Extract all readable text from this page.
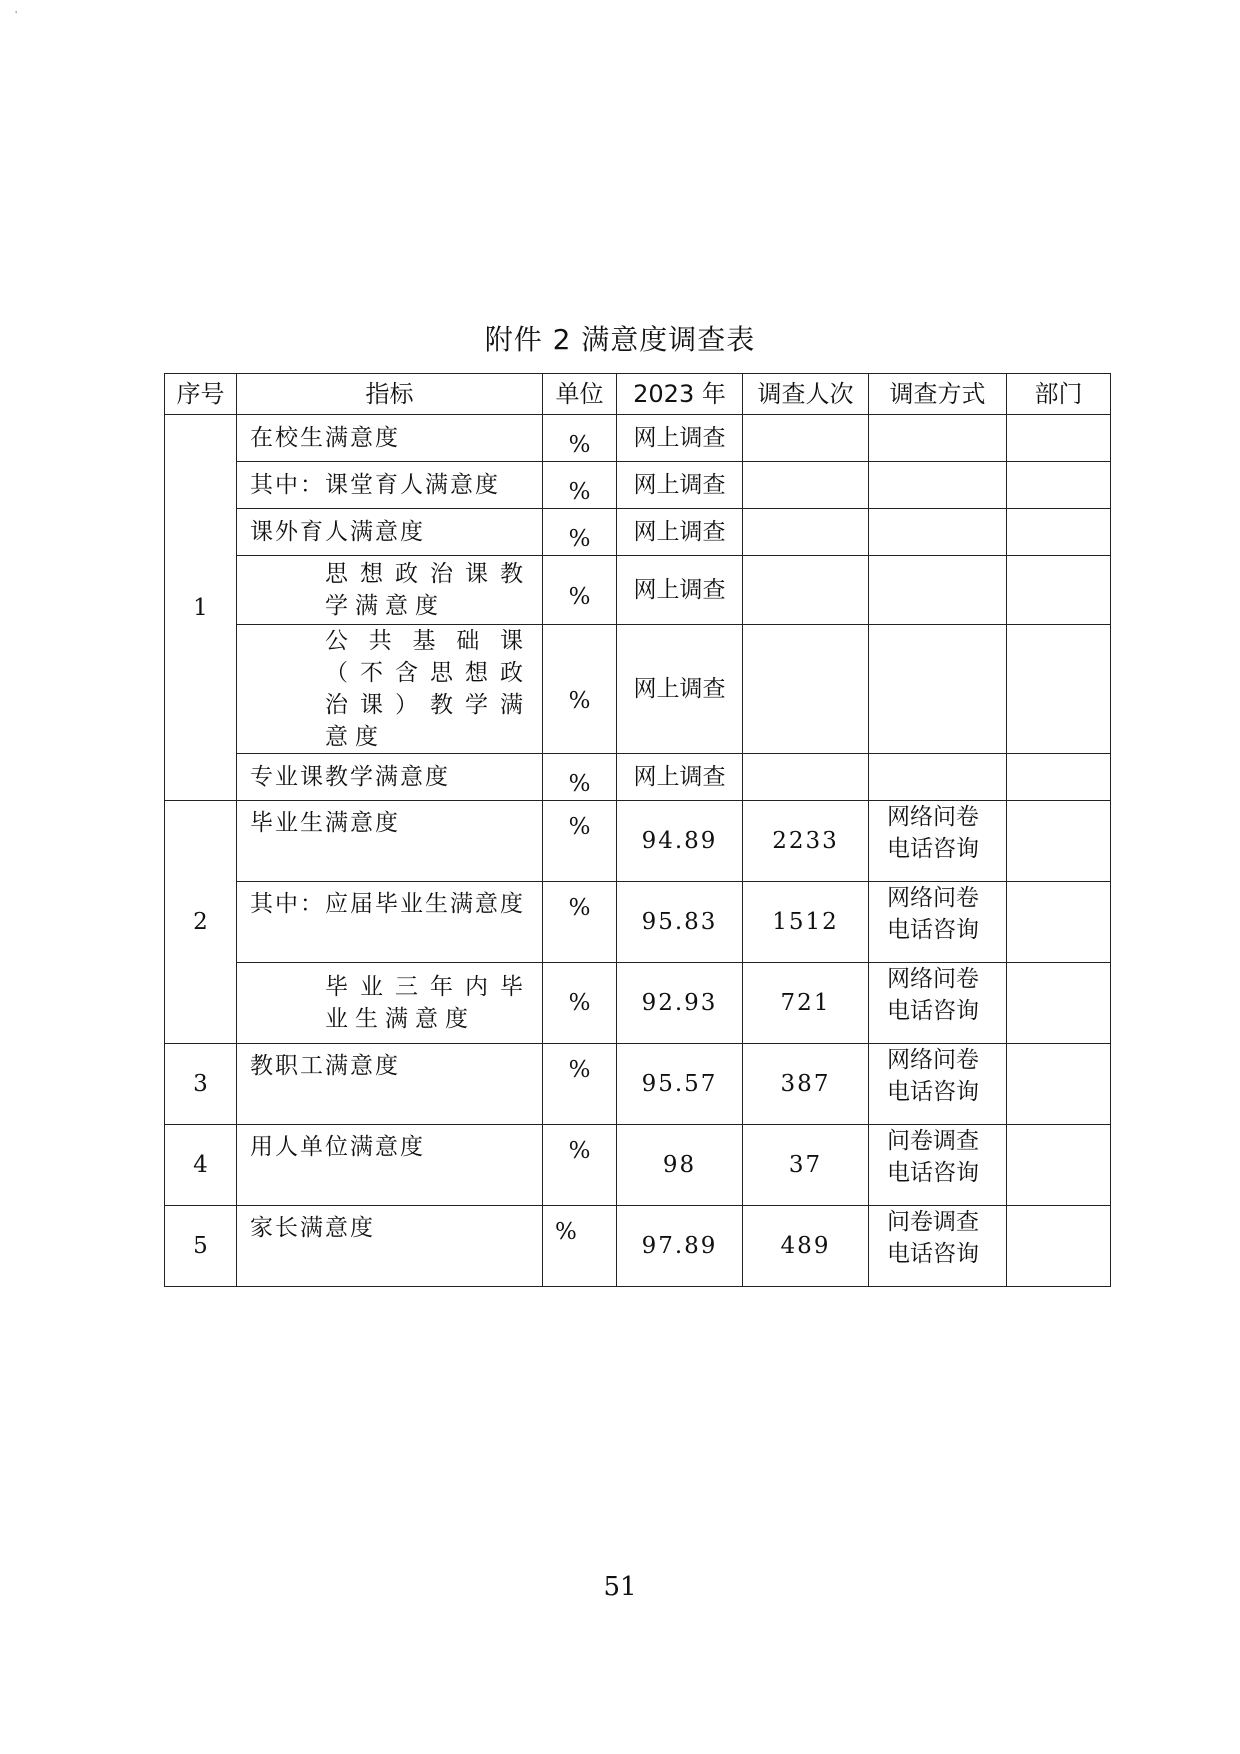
'
附件 2 满意度调查表
序号	指标	单位	2023 年	调查人次	调查方式	部门
1	在校生满意度	%	网上调查			
	其中：课堂育人满意度	%	网上调查			
	课外育人满意度	%	网上调查			
	思想政治课教学满意度	%	网上调查			
	公共基础课（不含思想政治课）教学满意度	%	网上调查			
	专业课教学满意度	%	网上调查			
2	毕业生满意度	%	94.89	2233	网络问卷
电话咨询	

	其中：应届毕业生满意度	%	95.83	1512	网络问卷
电话咨询	

	毕业三年内毕业生满意度	%	92.93	721	网络问卷
电话咨询	

3	教职工满意度	%	95.57	387	网络问卷
电话咨询	

4	用人单位满意度	%	98	37	问卷调查
电话咨询	

5	家长满意度	%	97.89	489	问卷调查
电话咨询	

51
